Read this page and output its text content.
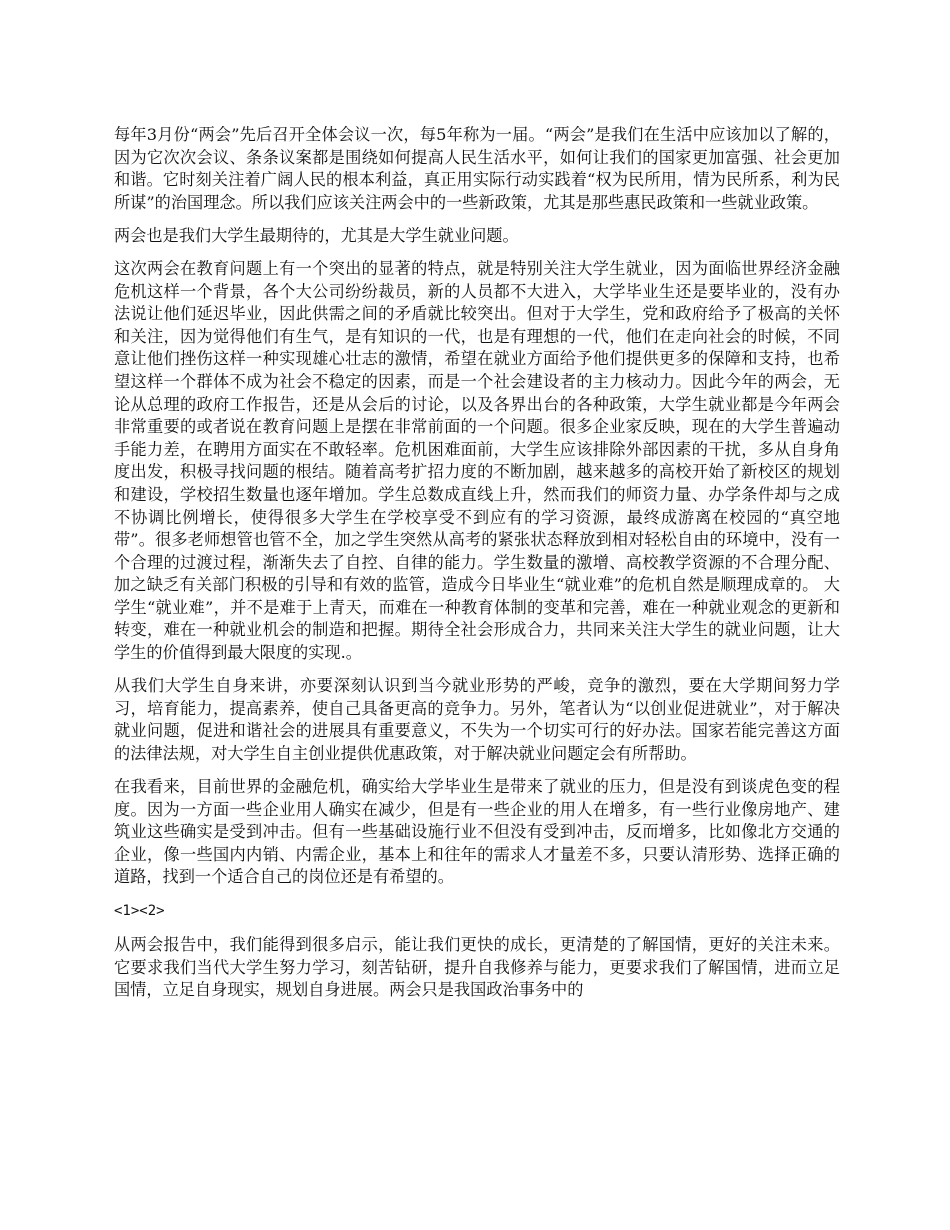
每年3月份“两会”先后召开全体会议一次，每5年称为一届。“两会”是我们在生活中应该加以了解的，因为它次次会议、条条议案都是围绕如何提高人民生活水平，如何让我们的国家更加富强、社会更加和谐。它时刻关注着广阔人民的根本利益，真正用实际行动实践着“权为民所用，情为民所系，利为民所谋”的治国理念。所以我们应该关注两会中的一些新政策，尤其是那些惠民政策和一些就业政策。

两会也是我们大学生最期待的，尤其是大学生就业问题。

这次两会在教育问题上有一个突出的显著的特点，就是特别关注大学生就业，因为面临世界经济金融危机这样一个背景，各个大公司纷纷裁员，新的人员都不大进入，大学毕业生还是要毕业的，没有办法说让他们延迟毕业，因此供需之间的矛盾就比较突出。但对于大学生，党和政府给予了极高的关怀和关注，因为觉得他们有生气，是有知识的一代，也是有理想的一代，他们在走向社会的时候，不同意让他们挫伤这样一种实现雄心壮志的激情，希望在就业方面给予他们提供更多的保障和支持，也希望这样一个群体不成为社会不稳定的因素，而是一个社会建设者的主力核动力。因此今年的两会，无论从总理的政府工作报告，还是从会后的讨论，以及各界出台的各种政策，大学生就业都是今年两会非常重要的或者说在教育问题上是摆在非常前面的一个问题。很多企业家反映，现在的大学生普遍动手能力差，在聘用方面实在不敢轻率。危机困难面前，大学生应该排除外部因素的干扰，多从自身角度出发，积极寻找问题的根结。随着高考扩招力度的不断加剧，越来越多的高校开始了新校区的规划和建设，学校招生数量也逐年增加。学生总数成直线上升，然而我们的师资力量、办学条件却与之成不协调比例增长，使得很多大学生在学校享受不到应有的学习资源，最终成游离在校园的“真空地带”。很多老师想管也管不全，加之学生突然从高考的紧张状态释放到相对轻松自由的环境中，没有一个合理的过渡过程，渐渐失去了自控、自律的能力。学生数量的激增、高校教学资源的不合理分配、加之缺乏有关部门积极的引导和有效的监管，造成今日毕业生“就业难”的危机自然是顺理成章的。 大学生“就业难”，并不是难于上青天，而难在一种教育体制的变革和完善，难在一种就业观念的更新和转变，难在一种就业机会的制造和把握。期待全社会形成合力，共同来关注大学生的就业问题，让大学生的价值得到最大限度的实现.。

从我们大学生自身来讲，亦要深刻认识到当今就业形势的严峻，竞争的激烈，要在大学期间努力学习，培育能力，提高素养，使自己具备更高的竞争力。另外，笔者认为“以创业促进就业”，对于解决就业问题，促进和谐社会的进展具有重要意义，不失为一个切实可行的好办法。国家若能完善这方面的法律法规，对大学生自主创业提供优惠政策，对于解决就业问题定会有所帮助。

在我看来，目前世界的金融危机，确实给大学毕业生是带来了就业的压力，但是没有到谈虎色变的程度。因为一方面一些企业用人确实在减少，但是有一些企业的用人在增多，有一些行业像房地产、建筑业这些确实是受到冲击。但有一些基础设施行业不但没有受到冲击，反而增多，比如像北方交通的企业，像一些国内内销、内需企业，基本上和往年的需求人才量差不多，只要认清形势、选择正确的道路，找到一个适合自己的岗位还是有希望的。

<1><2>

从两会报告中，我们能得到很多启示，能让我们更快的成长，更清楚的了解国情，更好的关注未来。它要求我们当代大学生努力学习，刻苦钻研，提升自我修养与能力，更要求我们了解国情，进而立足国情，立足自身现实，规划自身进展。两会只是我国政治事务中的
